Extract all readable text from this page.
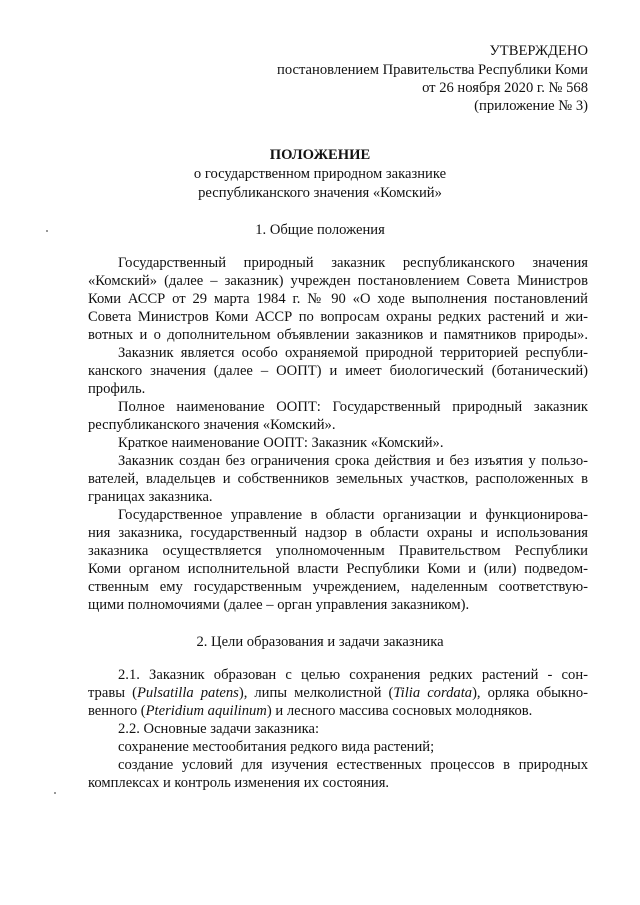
УТВЕРЖДЕНО
постановлением Правительства Республики Коми
от 26 ноября 2020 г. № 568
(приложение № 3)
ПОЛОЖЕНИЕ
о государственном природном заказнике
республиканского значения «Комский»
1. Общие положения
Государственный природный заказник республиканского значения
«Комский» (далее – заказник) учрежден постановлением Совета Министров
Коми АССР от 29 марта 1984 г. № 90 «О ходе выполнения постановлений
Совета Министров Коми АССР по вопросам охраны редких растений и жи-
вотных и о дополнительном объявлении заказников и памятников природы».
Заказник является особо охраняемой природной территорией республи-
канского значения (далее – ООПТ) и имеет биологический (ботанический)
профиль.
Полное наименование ООПТ: Государственный природный заказник
республиканского значения «Комский».
Краткое наименование ООПТ: Заказник «Комский».
Заказник создан без ограничения срока действия и без изъятия у пользо-
вателей, владельцев и собственников земельных участков, расположенных в
границах заказника.
Государственное управление в области организации и функционирова-
ния заказника, государственный надзор в области охраны и использования
заказника осуществляется уполномоченным Правительством Республики
Коми органом исполнительной власти Республики Коми и (или) подведом-
ственным ему государственным учреждением, наделенным соответствую-
щими полномочиями (далее – орган управления заказником).
2. Цели образования и задачи заказника
2.1. Заказник образован с целью сохранения редких растений - сон-
травы (Pulsatilla patens), липы мелколистной (Tilia cordata), орляка обыкно-
венного (Pteridium aquilinum) и лесного массива сосновых молодняков.
2.2. Основные задачи заказника:
сохранение местообитания редкого вида растений;
создание условий для изучения естественных процессов в природных
комплексах и контроль изменения их состояния.
